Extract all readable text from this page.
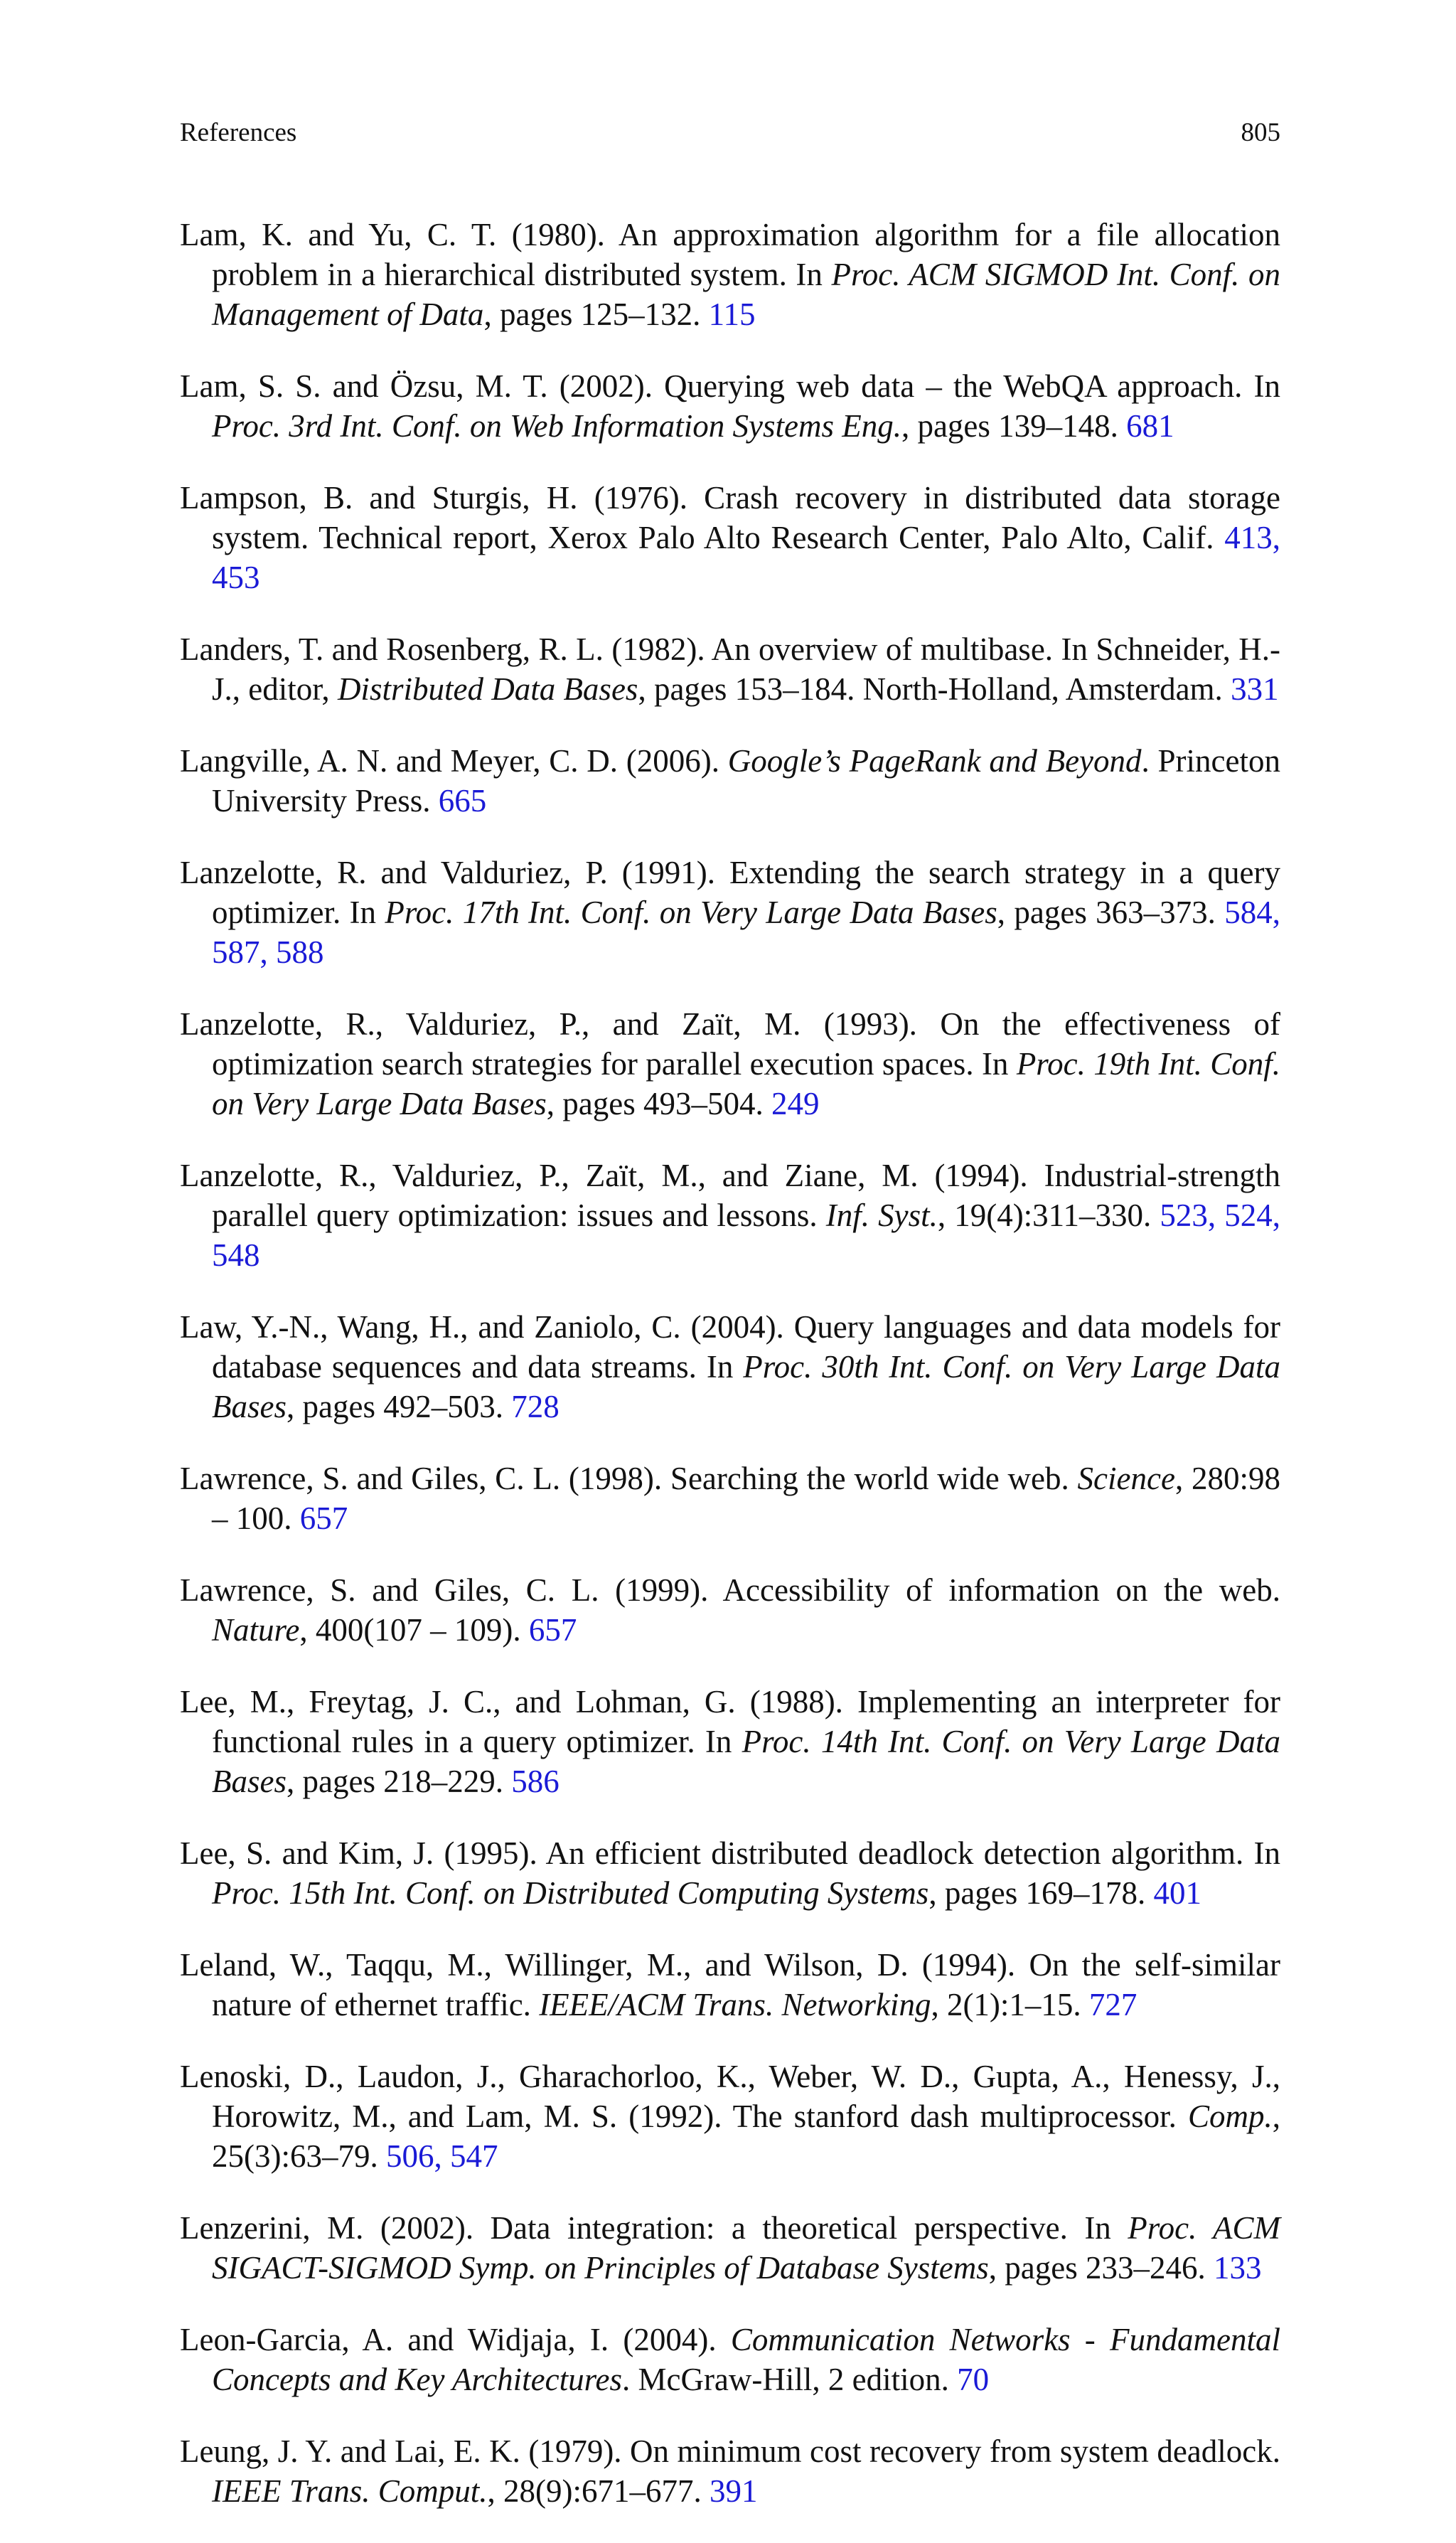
References	805

Lam, K. and Yu, C. T. (1980). An approximation algorithm for a file allocation problem in a hierarchical distributed system. In Proc. ACM SIGMOD Int. Conf. on Management of Data, pages 125–132. 115

Lam, S. S. and Özsu, M. T. (2002). Querying web data – the WebQA approach. In Proc. 3rd Int. Conf. on Web Information Systems Eng., pages 139–148. 681

Lampson, B. and Sturgis, H. (1976). Crash recovery in distributed data storage system. Technical report, Xerox Palo Alto Research Center, Palo Alto, Calif. 413, 453

Landers, T. and Rosenberg, R. L. (1982). An overview of multibase. In Schneider, H.-J., editor, Distributed Data Bases, pages 153–184. North-Holland, Amsterdam. 331

Langville, A. N. and Meyer, C. D. (2006). Google’s PageRank and Beyond. Princeton University Press. 665

Lanzelotte, R. and Valduriez, P. (1991). Extending the search strategy in a query optimizer. In Proc. 17th Int. Conf. on Very Large Data Bases, pages 363–373. 584, 587, 588

Lanzelotte, R., Valduriez, P., and Zaït, M. (1993). On the effectiveness of optimization search strategies for parallel execution spaces. In Proc. 19th Int. Conf. on Very Large Data Bases, pages 493–504. 249

Lanzelotte, R., Valduriez, P., Zaït, M., and Ziane, M. (1994). Industrial-strength parallel query optimization: issues and lessons. Inf. Syst., 19(4):311–330. 523, 524, 548

Law, Y.-N., Wang, H., and Zaniolo, C. (2004). Query languages and data models for database sequences and data streams. In Proc. 30th Int. Conf. on Very Large Data Bases, pages 492–503. 728

Lawrence, S. and Giles, C. L. (1998). Searching the world wide web. Science, 280:98 – 100. 657

Lawrence, S. and Giles, C. L. (1999). Accessibility of information on the web. Nature, 400(107 – 109). 657

Lee, M., Freytag, J. C., and Lohman, G. (1988). Implementing an interpreter for functional rules in a query optimizer. In Proc. 14th Int. Conf. on Very Large Data Bases, pages 218–229. 586

Lee, S. and Kim, J. (1995). An efficient distributed deadlock detection algorithm. In Proc. 15th Int. Conf. on Distributed Computing Systems, pages 169–178. 401

Leland, W., Taqqu, M., Willinger, M., and Wilson, D. (1994). On the self-similar nature of ethernet traffic. IEEE/ACM Trans. Networking, 2(1):1–15. 727

Lenoski, D., Laudon, J., Gharachorloo, K., Weber, W. D., Gupta, A., Henessy, J., Horowitz, M., and Lam, M. S. (1992). The stanford dash multiprocessor. Comp., 25(3):63–79. 506, 547

Lenzerini, M. (2002). Data integration: a theoretical perspective. In Proc. ACM SIGACT-SIGMOD Symp. on Principles of Database Systems, pages 233–246. 133

Leon-Garcia, A. and Widjaja, I. (2004). Communication Networks - Fundamental Concepts and Key Architectures. McGraw-Hill, 2 edition. 70

Leung, J. Y. and Lai, E. K. (1979). On minimum cost recovery from system deadlock. IEEE Trans. Comput., 28(9):671–677. 391
